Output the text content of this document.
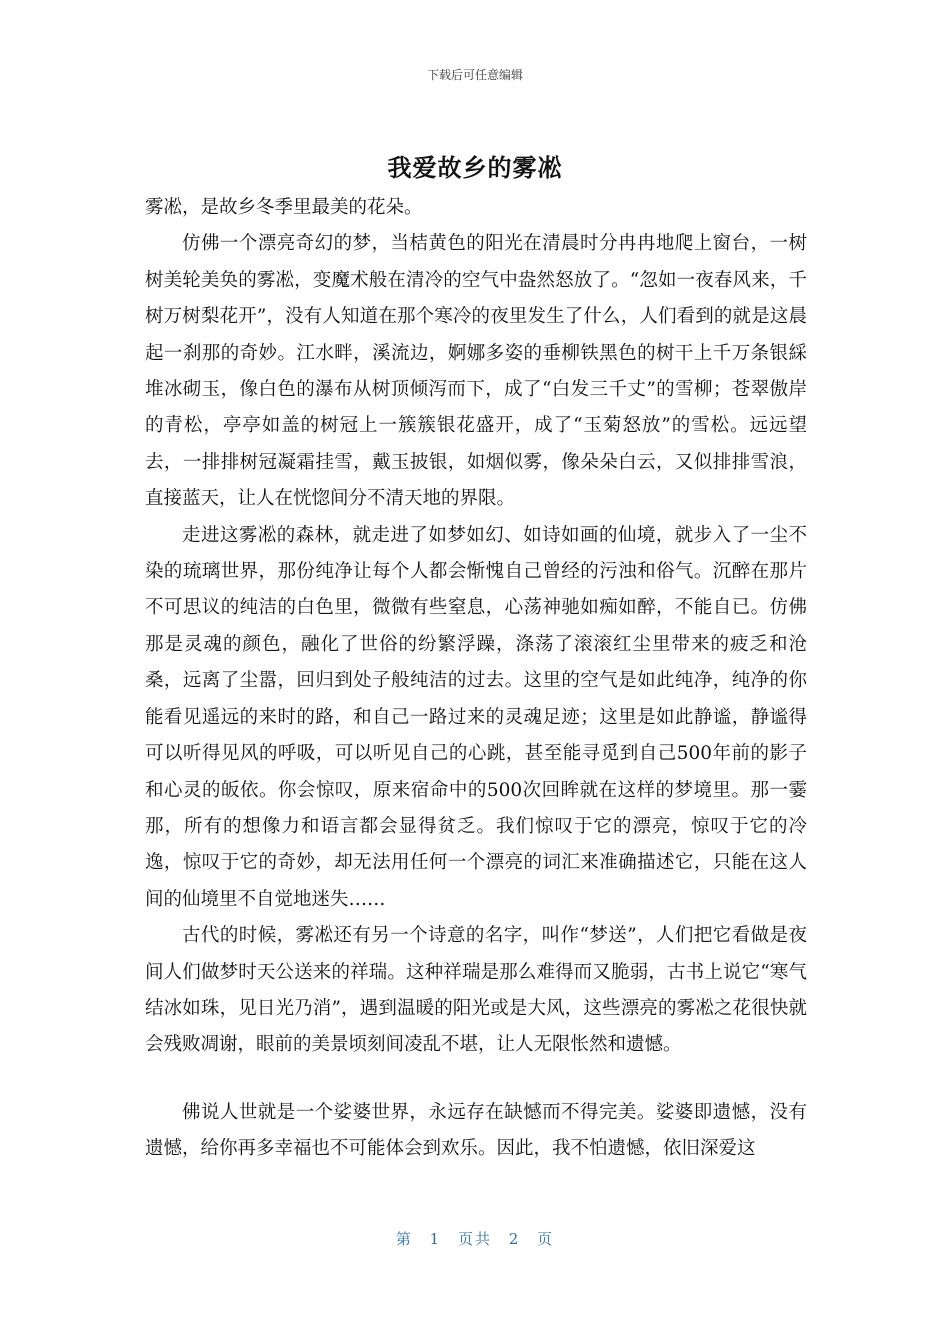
下载后可任意编辑
我爱故乡的雾凇

雾凇，是故乡冬季里最美的花朵。

仿佛一个漂亮奇幻的梦，当桔黄色的阳光在清晨时分冉冉地爬上窗台，一树树美轮美奂的雾凇，变魔术般在清冷的空气中盎然怒放了。“忽如一夜春风来，千树万树梨花开”，没有人知道在那个寒冷的夜里发生了什么，人们看到的就是这晨起一刹那的奇妙。江水畔，溪流边，婀娜多姿的垂柳铁黑色的树干上千万条银綵堆冰砌玉，像白色的瀑布从树顶倾泻而下，成了“白发三千丈”的雪柳；苍翠傲岸的青松，亭亭如盖的树冠上一簇簇银花盛开，成了“玉菊怒放”的雪松。远远望去，一排排树冠凝霜挂雪，戴玉披银，如烟似雾，像朵朵白云，又似排排雪浪，直接蓝天，让人在恍惚间分不清天地的界限。

走进这雾凇的森林，就走进了如梦如幻、如诗如画的仙境，就步入了一尘不染的琉璃世界，那份纯净让每个人都会惭愧自己曾经的污浊和俗气。沉醉在那片不可思议的纯洁的白色里，微微有些窒息，心荡神驰如痴如醉，不能自已。仿佛那是灵魂的颜色，融化了世俗的纷繁浮躁，涤荡了滚滚红尘里带来的疲乏和沧桑，远离了尘嚣，回归到处子般纯洁的过去。这里的空气是如此纯净，纯净的你能看见遥远的来时的路，和自己一路过来的灵魂足迹；这里是如此静谧，静谧得可以听得见风的呼吸，可以听见自己的心跳，甚至能寻觅到自己500年前的影子和心灵的皈依。你会惊叹，原来宿命中的500次回眸就在这样的梦境里。那一霎那，所有的想像力和语言都会显得贫乏。我们惊叹于它的漂亮，惊叹于它的冷逸，惊叹于它的奇妙，却无法用任何一个漂亮的词汇来准确描述它，只能在这人间的仙境里不自觉地迷失……

古代的时候，雾凇还有另一个诗意的名字，叫作“梦送”，人们把它看做是夜间人们做梦时天公送来的祥瑞。这种祥瑞是那么难得而又脆弱，古书上说它“寒气结冰如珠，见日光乃消”，遇到温暖的阳光或是大风，这些漂亮的雾凇之花很快就会残败凋谢，眼前的美景顷刻间凌乱不堪，让人无限怅然和遗憾。

佛说人世就是一个娑婆世界，永远存在缺憾而不得完美。娑婆即遗憾，没有遗憾，给你再多幸福也不可能体会到欢乐。因此，我不怕遗憾，依旧深爱这

第 1 页共 2 页
